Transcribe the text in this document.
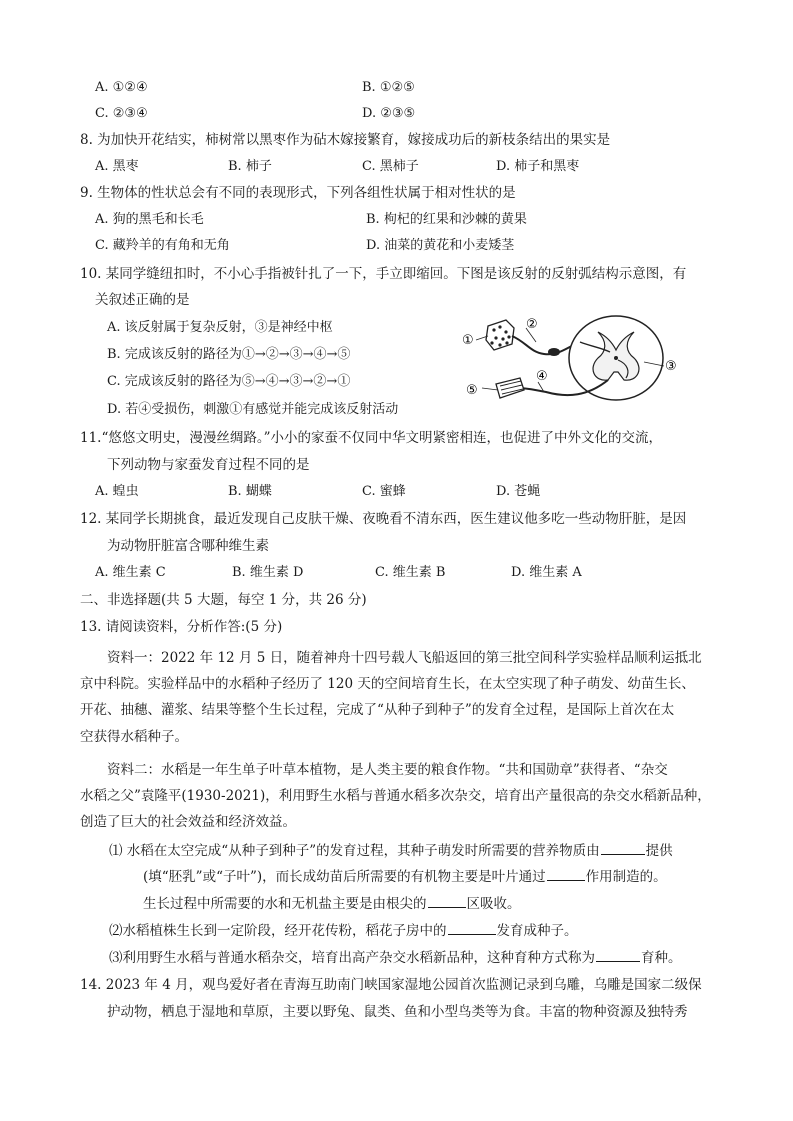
A. ①②④	B. ①②⑤
C. ②③④	D. ②③⑤
8. 为加快开花结实，柿树常以黑枣作为砧木嫁接繁育，嫁接成功后的新枝条结出的果实是
A. 黑枣	B. 柿子	C. 黑柿子	D. 柿子和黑枣
9. 生物体的性状总会有不同的表现形式，下列各组性状属于相对性状的是
A. 狗的黑毛和长毛	B. 枸杞的红果和沙棘的黄果
C. 藏羚羊的有角和无角	D. 油菜的黄花和小麦矮茎
10. 某同学缝纽扣时，不小心手指被针扎了一下，手立即缩回。下图是该反射的反射弧结构示意图，有
关叙述正确的是
A. 该反射属于复杂反射，③是神经中枢
B. 完成该反射的路径为①→②→③→④→⑤
C. 完成该反射的路径为⑤→④→③→②→①
D. 若④受损伤，刺激①有感觉并能完成该反射活动
①
②
③
④
⑤
11.“悠悠文明史，漫漫丝绸路。”小小的家蚕不仅同中华文明紧密相连，也促进了中外文化的交流，
下列动物与家蚕发育过程不同的是
A. 蝗虫	B. 蝴蝶	C. 蜜蜂	D. 苍蝇
12. 某同学长期挑食，最近发现自己皮肤干燥、夜晚看不清东西，医生建议他多吃一些动物肝脏，是因
为动物肝脏富含哪种维生素
A. 维生素 C	B. 维生素 D	C. 维生素 B	D. 维生素 A
二、非选择题(共 5 大题，每空 1 分，共 26 分)
13. 请阅读资料，分析作答:(5 分)
资料一：2022 年 12 月 5 日，随着神舟十四号载人飞船返回的第三批空间科学实验样品顺利运抵北
京中科院。实验样品中的水稻种子经历了 120 天的空间培育生长，在太空实现了种子萌发、幼苗生长、
开花、抽穗、灌浆、结果等整个生长过程，完成了“从种子到种子”的发育全过程，是国际上首次在太
空获得水稻种子。
资料二：水稻是一年生单子叶草本植物，是人类主要的粮食作物。“共和国勋章”获得者、“杂交
水稻之父”袁隆平(1930-2021)，利用野生水稻与普通水稻多次杂交，培育出产量很高的杂交水稻新品种，
创造了巨大的社会效益和经济效益。
⑴ 水稻在太空完成“从种子到种子”的发育过程，其种子萌发时所需要的营养物质由	提供
(填“胚乳”或“子叶”)，而长成幼苗后所需要的有机物主要是叶片通过	作用制造的。
生长过程中所需要的水和无机盐主要是由根尖的	区吸收。
⑵水稻植株生长到一定阶段，经开花传粉，稻花子房中的	发育成种子。
⑶利用野生水稻与普通水稻杂交，培育出高产杂交水稻新品种，这种育种方式称为	育种。
14. 2023 年 4 月，观鸟爱好者在青海互助南门峡国家湿地公园首次监测记录到乌雕，乌雕是国家二级保
护动物，栖息于湿地和草原，主要以野兔、鼠类、鱼和小型鸟类等为食。丰富的物种资源及独特秀
